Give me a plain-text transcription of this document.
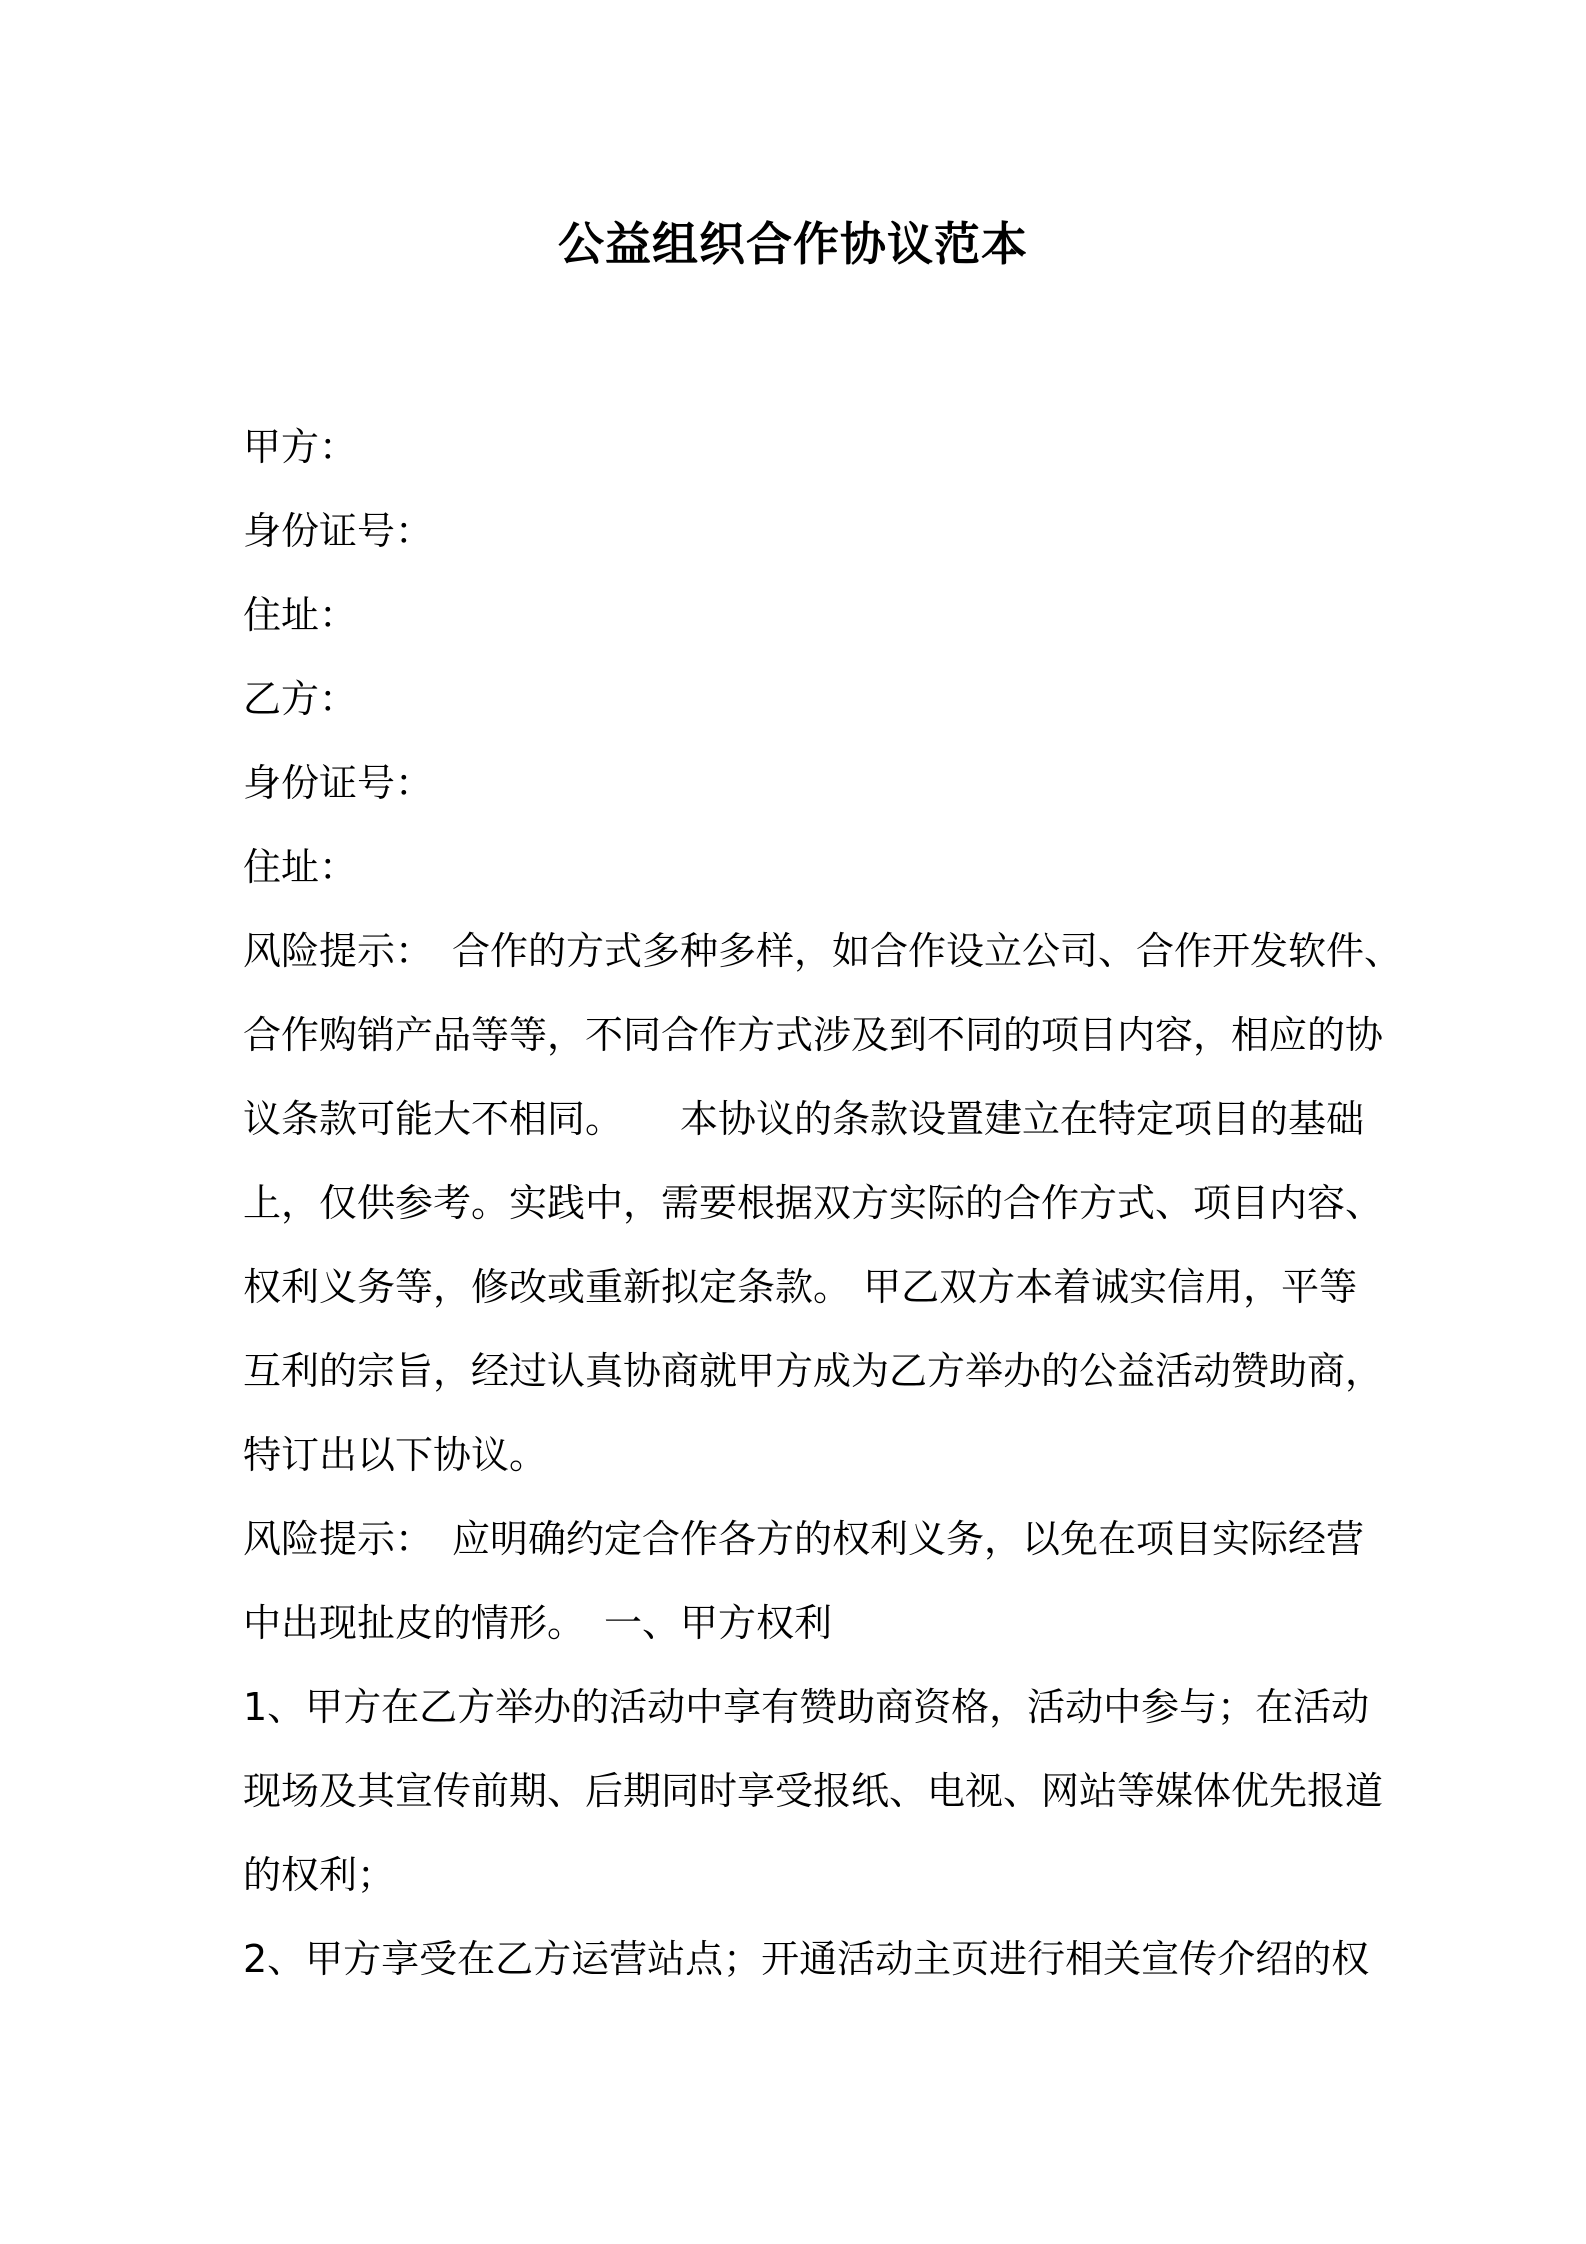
公益组织合作协议范本
甲方：
身份证号：
住址：
乙方：
身份证号：
住址：
风险提示：　合作的方式多种多样，如合作设立公司、合作开发软件、
合作购销产品等等，不同合作方式涉及到不同的项目内容，相应的协
议条款可能大不相同。　　本协议的条款设置建立在特定项目的基础
上，仅供参考。实践中，需要根据双方实际的合作方式、项目内容、
权利义务等，修改或重新拟定条款。 甲乙双方本着诚实信用，平等
互利的宗旨，经过认真协商就甲方成为乙方举办的公益活动赞助商，
特订出以下协议。
风险提示：　应明确约定合作各方的权利义务，以免在项目实际经营
中出现扯皮的情形。　一、甲方权利
1、甲方在乙方举办的活动中享有赞助商资格，活动中参与；在活动
现场及其宣传前期、后期同时享受报纸、电视、网站等媒体优先报道
的权利；
2、甲方享受在乙方运营站点；开通活动主页进行相关宣传介绍的权
